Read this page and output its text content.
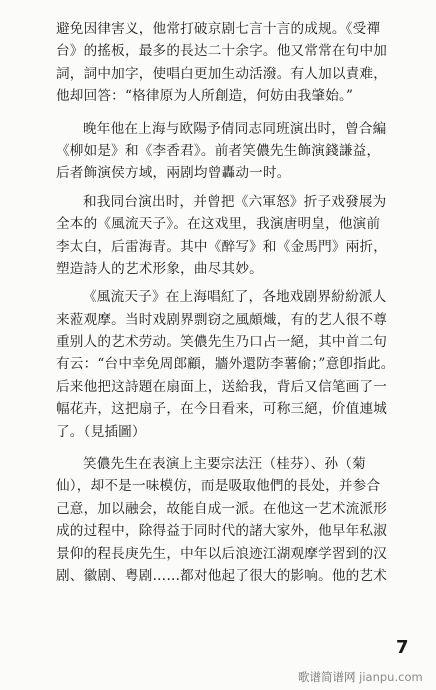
避免因律害义，他常打破京剧七言十言的成规。《受禪
台》的搖板，最多的長达二十余字。他又常常在句中加
詞，詞中加字，使唱白更加生动活潑。有人加以責难，
他却回答：“格律原为人所創造，何妨由我肇始。”
晚年他在上海与欧陽予倩同志同班演出时，曾合編
《柳如是》和《李香君》。前者笑儂先生飾演錢謙益，
后者飾演侯方域，兩剧均曾轟动一时。
和我同台演出时，并曾把《六軍怒》折子戏發展为
全本的《風流天子》。在这戏里，我演唐明皇，他演前
李太白，后雷海青。其中《醉写》和《金馬門》兩折，
塑造詩人的艺术形象，曲尽其妙。
《風流天子》在上海唱紅了，各地戏剧界紛紛派人
来蒞观摩。当时戏剧界剽窃之風頗熾，有的艺人很不尊
重别人的艺术劳动。笑儂先生乃口占一絕，其中首二句
有云：“台中幸免周郎顧，牆外還防李薯偷；”意卽指此。
后来他把这詩題在扇面上，送給我，背后又信笔画了一
幅花卉，这把扇子，在今日看来，可称三絕，价值連城
了。（見插圖）
笑儂先生在表演上主要宗法汪（桂芬）、孙（菊
仙），却不是一味模仿，而是吸取他們的長处，并参合
己意，加以融会，故能自成一派。在他这一艺术流派形
成的过程中，除得益于同时代的諸大家外，他早年私淑
景仰的程長庚先生，中年以后浪迹江湖观摩学習到的汉
剧、徽剧、粤剧……都对他起了很大的影响。他的艺术
7
歌谱简谱网 jianpu.com
